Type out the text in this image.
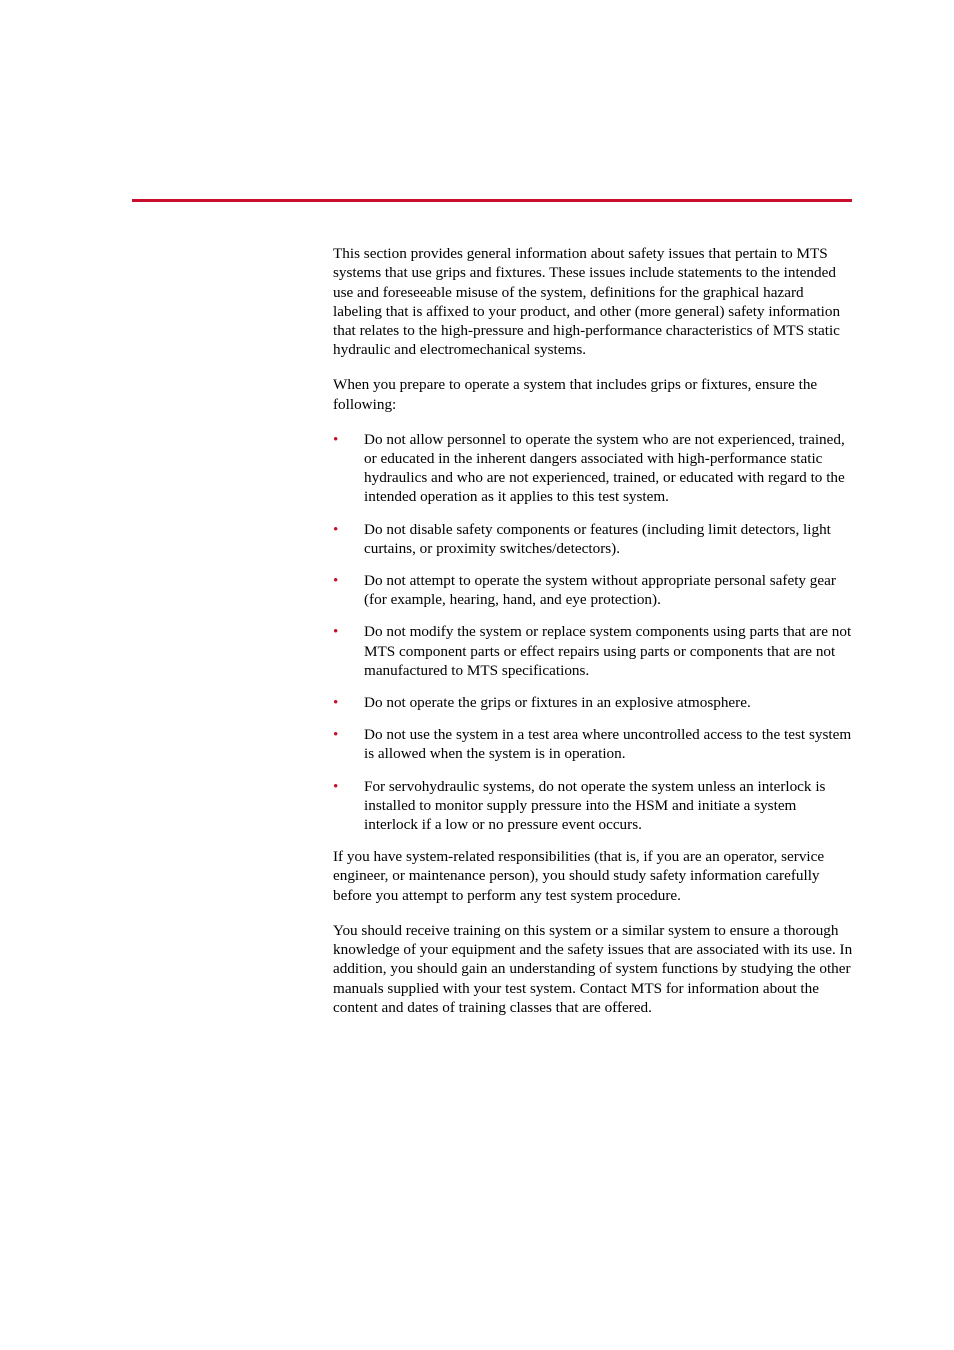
This section provides general information about safety issues that pertain to MTS systems that use grips and fixtures. These issues include statements to the intended use and foreseeable misuse of the system, definitions for the graphical hazard labeling that is affixed to your product, and other (more general) safety information that relates to the high-pressure and high-performance characteristics of MTS static hydraulic and electromechanical systems.

When you prepare to operate a system that includes grips or fixtures, ensure the following:

• Do not allow personnel to operate the system who are not experienced, trained, or educated in the inherent dangers associated with high-performance static hydraulics and who are not experienced, trained, or educated with regard to the intended operation as it applies to this test system.
• Do not disable safety components or features (including limit detectors, light curtains, or proximity switches/detectors).
• Do not attempt to operate the system without appropriate personal safety gear (for example, hearing, hand, and eye protection).
• Do not modify the system or replace system components using parts that are not MTS component parts or effect repairs using parts or components that are not manufactured to MTS specifications.
• Do not operate the grips or fixtures in an explosive atmosphere.
• Do not use the system in a test area where uncontrolled access to the test system is allowed when the system is in operation.
• For servohydraulic systems, do not operate the system unless an interlock is installed to monitor supply pressure into the HSM and initiate a system interlock if a low or no pressure event occurs.

If you have system-related responsibilities (that is, if you are an operator, service engineer, or maintenance person), you should study safety information carefully before you attempt to perform any test system procedure.

You should receive training on this system or a similar system to ensure a thorough knowledge of your equipment and the safety issues that are associated with its use. In addition, you should gain an understanding of system functions by studying the other manuals supplied with your test system. Contact MTS for information about the content and dates of training classes that are offered.
